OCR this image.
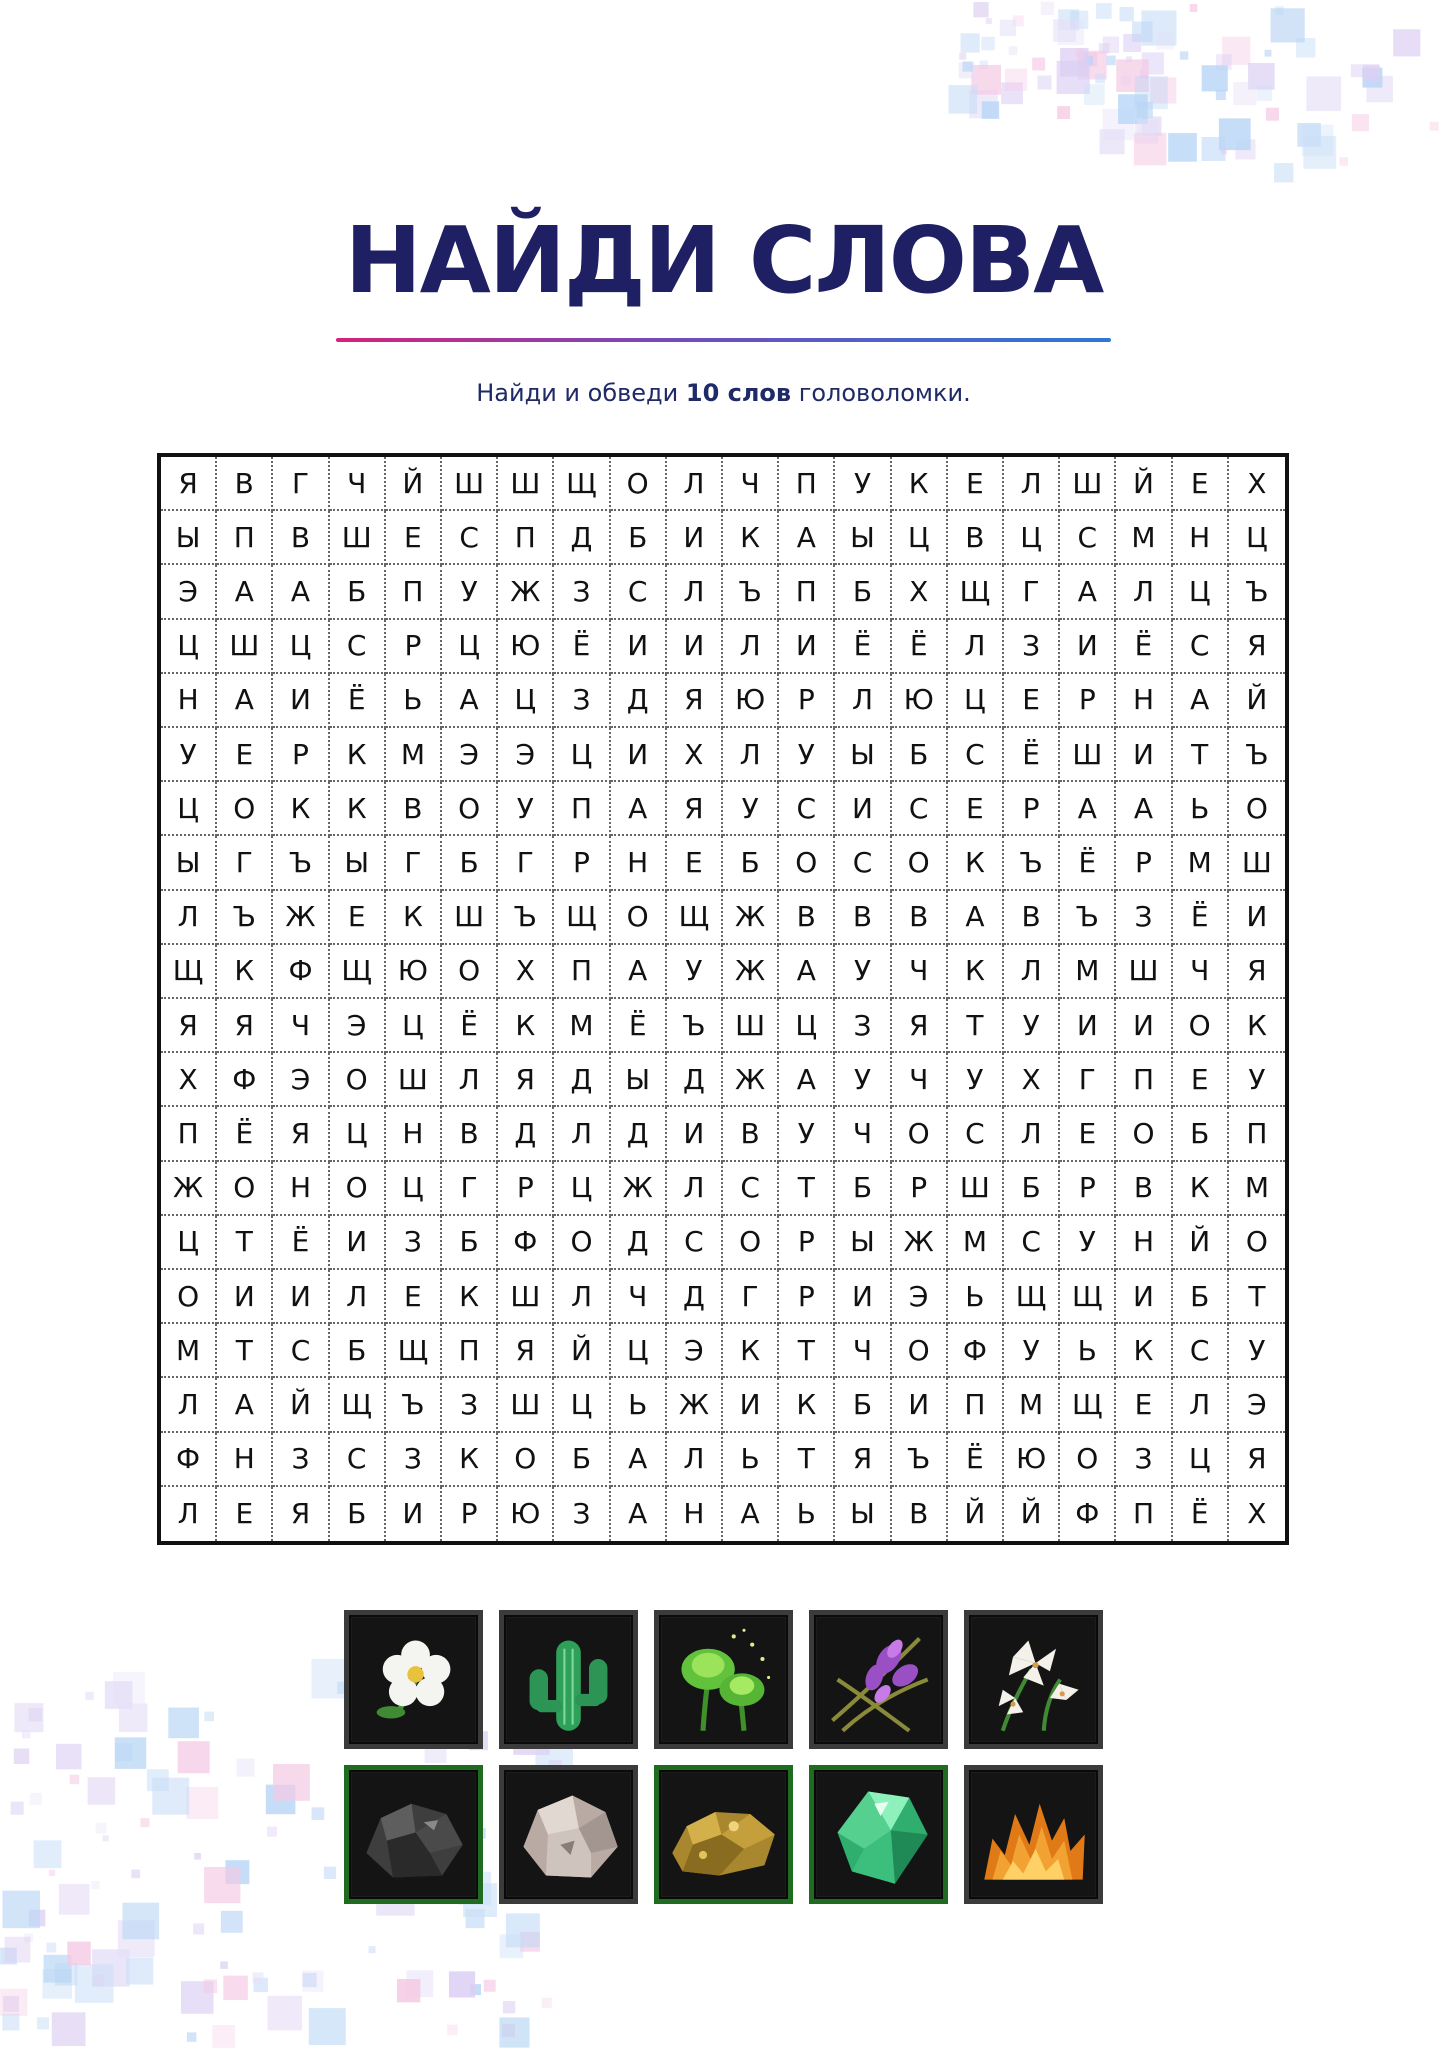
НАЙДИ СЛОВА

Найди и обведи 10 слов головоломки.

Я	В	Г	Ч	Й	Ш Ш Щ	О	Л	Ч	П	У	К	Е	Л	Ш	Й	Е	Х
Ы	П	В	Ш	Е	С	П	Д	Б	И	К	А	Ы	Ц	В	Ц	С	М	Н	Ц
Э	А	А	Б	П	У	Ж	З	С	Л	Ъ	П	Б	Х	Щ	Г	А	Л	Ц	Ъ
Ц	Ш	Ц	С	Р	Ц	Ю	Ё	И	И	Л	И	Ё	Ё	Л	З	И	Ё	С	Я
Н	А	И	Ё	Ь	А	Ц	З	Д	Я	Ю	Р	Л	Ю	Ц	Е	Р	Н	А	Й
У	Е	Р	К	М	Э	Э	Ц	И	Х	Л	У	Ы	Б	С	Ё	Ш	И	Т	Ъ
Ц	О	К	К	В	О	У	П	А	Я	У	С	И	С	Е	Р	А	А	Ь	О
Ы	Г	Ъ	Ы	Г	Б	Г	Р	Н	Е	Б	О	С	О	К	Ъ	Ё	Р	М	Ш
Л	Ъ	Ж	Е	К	Ш	Ъ	Щ	О	Щ Ж	В	В	В	А	В	Ъ	З	Ё	И
Щ	К	Ф	Щ Ю	О	Х	П	А	У	Ж	А	У	Ч	К	Л	М	Ш	Ч	Я
Я	Я	Ч	Э	Ц	Ё	К	М	Ё	Ъ	Ш	Ц	З	Я	Т	У	И	И	О	К
Х	Ф	Э	О	Ш	Л	Я	Д	Ы	Д	Ж	А	У	Ч	У	Х	Г	П	Е	У
П	Ё	Я	Ц	Н	В	Д	Л	Д	И	В	У	Ч	О	С	Л	Е	О	Б	П
Ж	О	Н	О	Ц	Г	Р	Ц	Ж	Л	С	Т	Б	Р	Ш	Б	Р	В	К	М
Ц	Т	Ё	И	З	Б	Ф	О	Д	С	О	Р	Ы	Ж	М	С	У	Н	Й	О
О	И	И	Л	Е	К	Ш	Л	Ч	Д	Г	Р	И	Э	Ь	Щ Щ	И	Б	Т
М	Т	С	Б	Щ	П	Я	Й	Ц	Э	К	Т	Ч	О	Ф	У	Ь	К	С	У
Л	А	Й	Щ	Ъ	З	Ш	Ц	Ь	Ж	И	К	Б	И	П	М	Щ	Е	Л	Э
Ф	Н	З	С	З	К	О	Б	А	Л	Ь	Т	Я	Ъ	Ё	Ю	О	З	Ц	Я
Л	Е	Я	Б	И	Р	Ю	З	А	Н	А	Ь	Ы	В	Й	Й	Ф	П	Ё	Х
